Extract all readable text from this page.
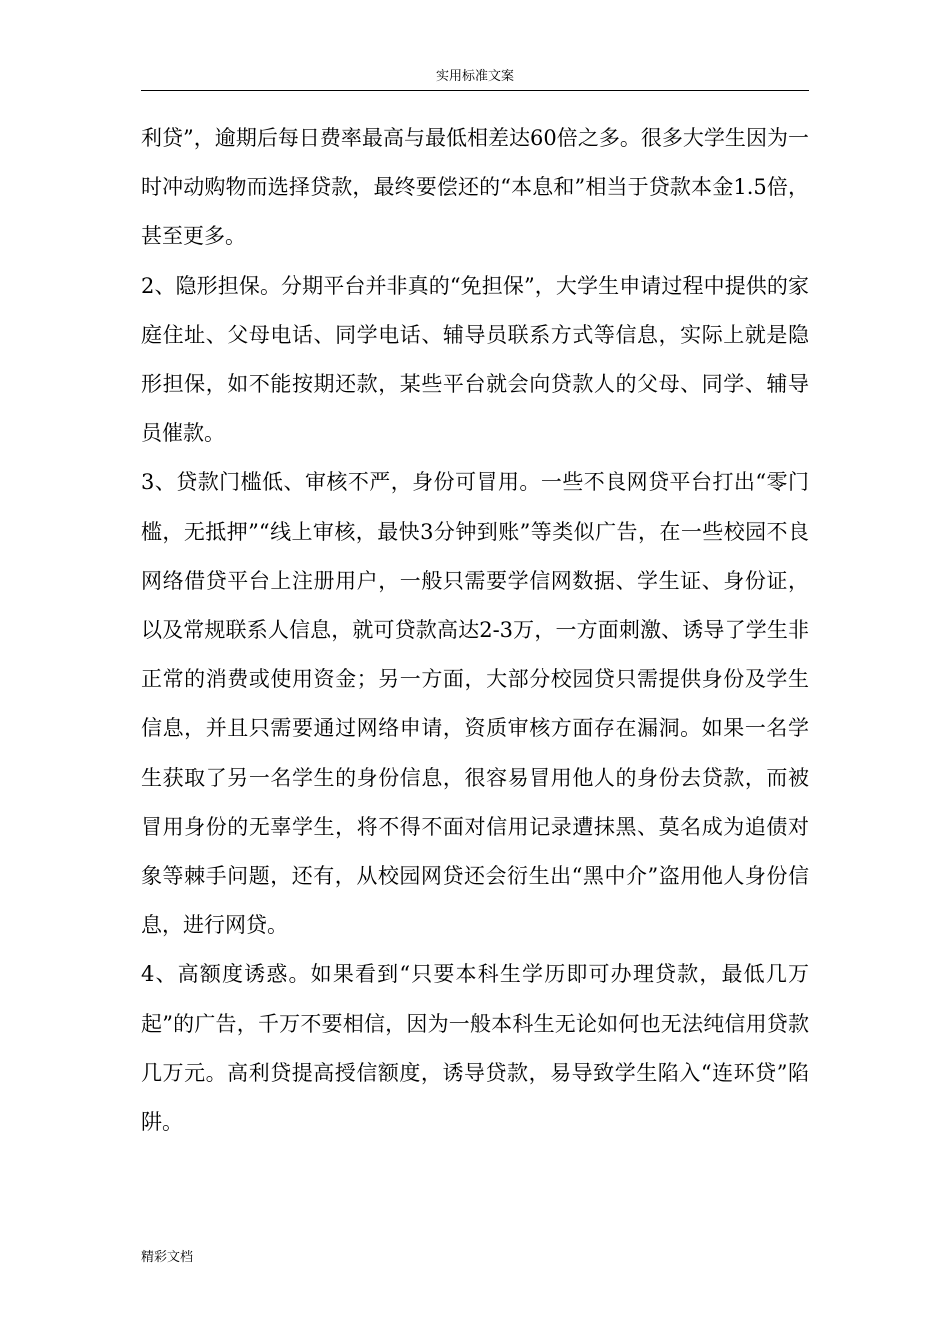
实用标准文案

利贷”，逾期后每日费率最高与最低相差达60倍之多。很多大学生因为一时冲动购物而选择贷款，最终要偿还的“本息和”相当于贷款本金1.5倍，甚至更多。

2、隐形担保。分期平台并非真的“免担保”，大学生申请过程中提供的家庭住址、父母电话、同学电话、辅导员联系方式等信息，实际上就是隐形担保，如不能按期还款，某些平台就会向贷款人的父母、同学、辅导员催款。

3、贷款门槛低、审核不严，身份可冒用。一些不良网贷平台打出“零门槛，无抵押”“线上审核，最快3分钟到账”等类似广告，在一些校园不良网络借贷平台上注册用户，一般只需要学信网数据、学生证、身份证，以及常规联系人信息，就可贷款高达2-3万，一方面刺激、诱导了学生非正常的消费或使用资金；另一方面，大部分校园贷只需提供身份及学生信息，并且只需要通过网络申请，资质审核方面存在漏洞。如果一名学生获取了另一名学生的身份信息，很容易冒用他人的身份去贷款，而被冒用身份的无辜学生，将不得不面对信用记录遭抹黑、莫名成为追债对象等棘手问题，还有，从校园网贷还会衍生出“黑中介”盗用他人身份信息，进行网贷。

4、高额度诱惑。如果看到“只要本科生学历即可办理贷款，最低几万起”的广告，千万不要相信，因为一般本科生无论如何也无法纯信用贷款几万元。高利贷提高授信额度，诱导贷款，易导致学生陷入“连环贷”陷阱。

精彩文档
